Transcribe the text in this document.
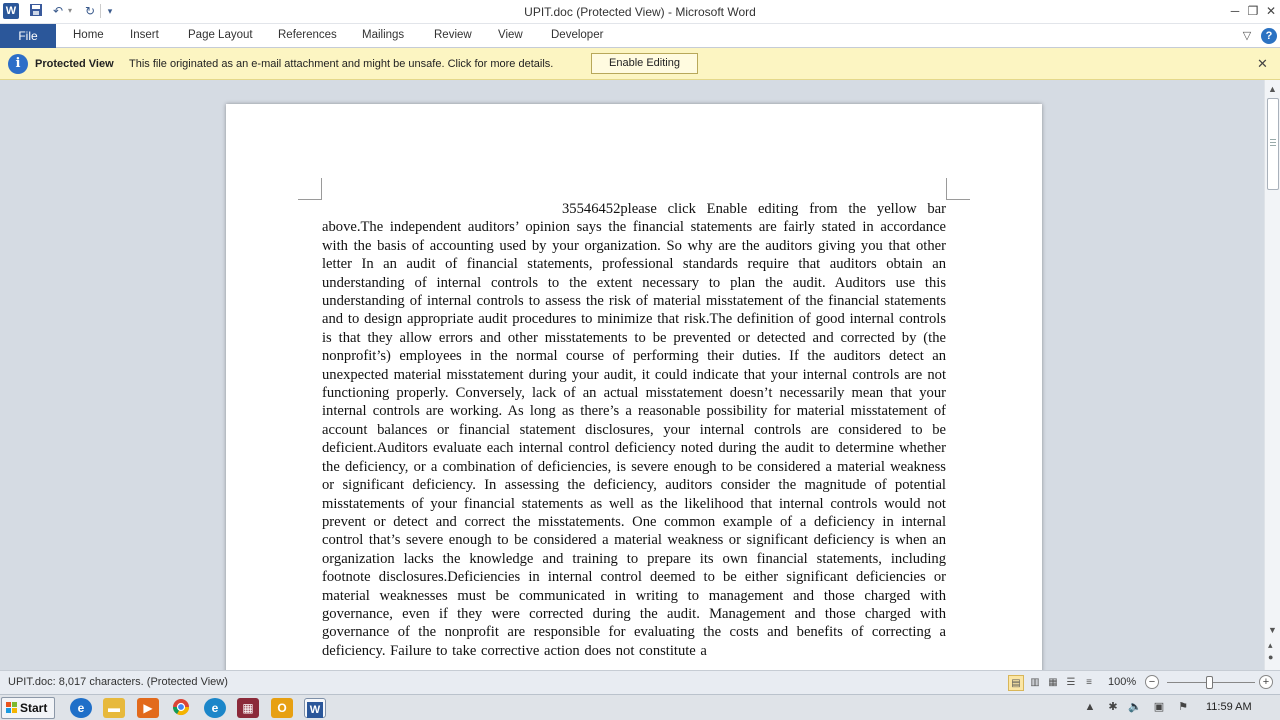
W	↶ ▾ ↻	▾	UPIT.doc (Protected View) - Microsoft Word	─ ❐ ✕
File	Home Insert	Page Layout References Mailings	Review View Developer	▽	?
i	Protected View This file originated as an e-mail attachment and might be unsafe. Click for more details.	Enable Editing	✕
35546452please click Enable editing from the yellow bar above.The independent auditors’ opinion says the financial statements are fairly stated in accordance with the basis of accounting used by your organization. So why are the auditors giving you that other letter In an audit of financial statements, professional standards require that auditors obtain an understanding of internal controls to the extent necessary to plan the audit. Auditors use this understanding of internal controls to assess the risk of material misstatement of the financial statements and to design appropriate audit procedures to minimize that risk.The definition of good internal controls is that they allow errors and other misstatements to be prevented or detected and corrected by (the nonprofit’s) employees in the normal course of performing their duties. If the auditors detect an unexpected material misstatement during your audit, it could indicate that your internal controls are not functioning properly. Conversely, lack of an actual misstatement doesn’t necessarily mean that your internal controls are working. As long as there’s a reasonable possibility for material misstatement of account balances or financial statement disclosures, your internal controls are considered to be deficient.Auditors evaluate each internal control deficiency noted during the audit to determine whether the deficiency, or a combination of deficiencies, is severe enough to be considered a material weakness or significant deficiency. In assessing the deficiency, auditors consider the magnitude of potential misstatements of your financial statements as well as the likelihood that internal controls would not prevent or detect and correct the misstatements. One common example of a deficiency in internal control that’s severe enough to be considered a material weakness or significant deficiency is when an organization lacks the knowledge and training to prepare its own financial statements, including footnote disclosures.Deficiencies in internal control deemed to be either significant deficiencies or material weaknesses must be communicated in writing to management and those charged with governance, even if they were corrected during the audit. Management and those charged with governance of the nonprofit are responsible for evaluating the costs and benefits of correcting a deficiency. Failure to take corrective action does not constitute a
▲
▼
▴
●
UPIT.doc: 8,017 characters. (Protected View)	▤ ▥ ▦ ☰	≡	100%	−	+
Start	e	▬	▶	e	▦	O	W	▲ ✱ 🔈 ▣ ⚑ 11:59 AM
